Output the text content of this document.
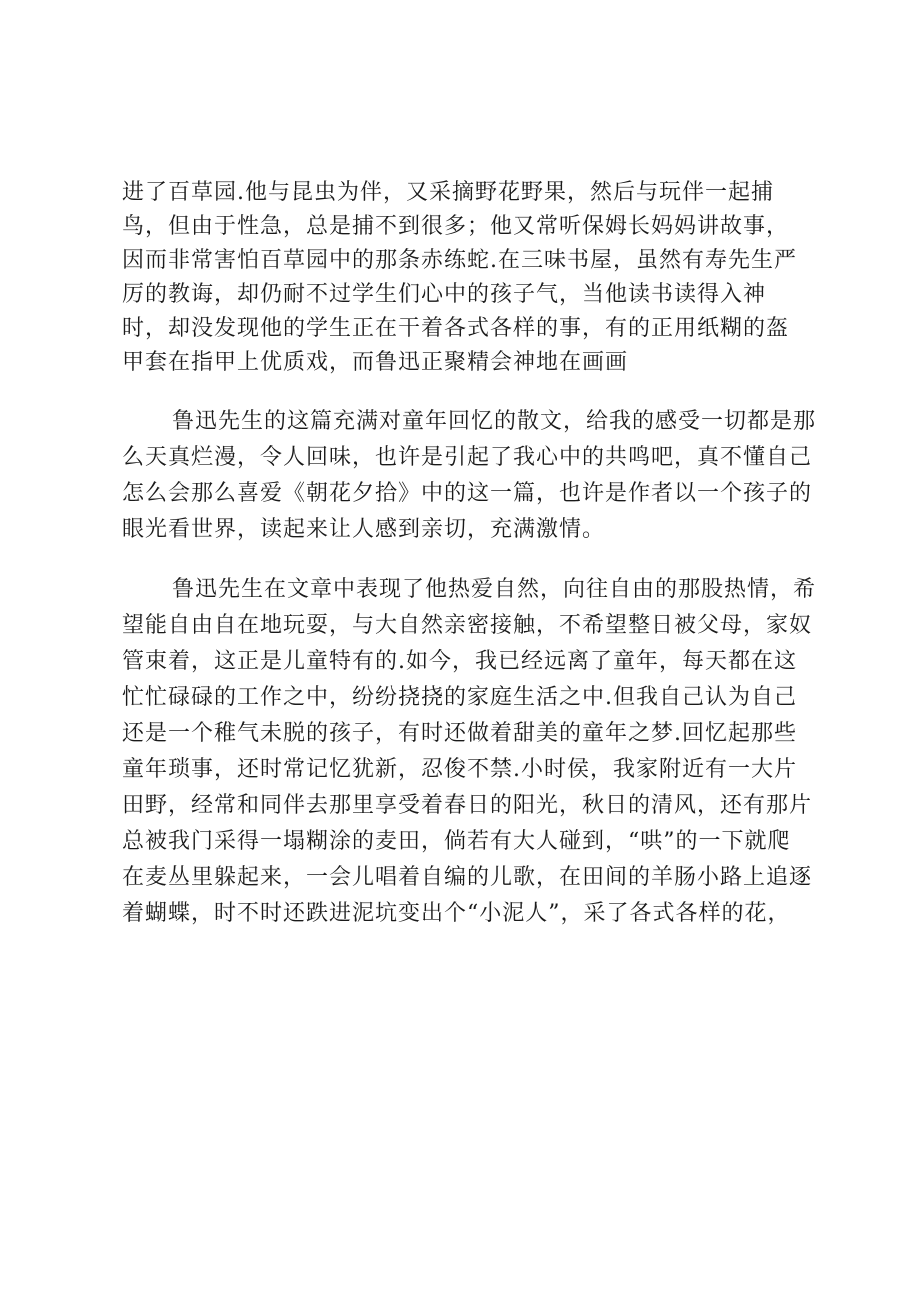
进了百草园.他与昆虫为伴，又采摘野花野果，然后与玩伴一起捕

鸟，但由于性急，总是捕不到很多；他又常听保姆长妈妈讲故事，

因而非常害怕百草园中的那条赤练蛇.在三味书屋，虽然有寿先生严

厉的教诲，却仍耐不过学生们心中的孩子气，当他读书读得入神

时，却没发现他的学生正在干着各式各样的事，有的正用纸糊的盔

甲套在指甲上优质戏，而鲁迅正聚精会神地在画画

鲁迅先生的这篇充满对童年回忆的散文，给我的感受一切都是那

么天真烂漫，令人回味，也许是引起了我心中的共鸣吧，真不懂自己

怎么会那么喜爱《朝花夕拾》中的这一篇，也许是作者以一个孩子的

眼光看世界，读起来让人感到亲切，充满激情。

鲁迅先生在文章中表现了他热爱自然，向往自由的那股热情，希

望能自由自在地玩耍，与大自然亲密接触，不希望整日被父母，家奴

管束着，这正是儿童特有的.如今，我已经远离了童年，每天都在这

忙忙碌碌的工作之中，纷纷挠挠的家庭生活之中.但我自己认为自己

还是一个稚气未脱的孩子，有时还做着甜美的童年之梦.回忆起那些

童年琐事，还时常记忆犹新，忍俊不禁.小时侯，我家附近有一大片

田野，经常和同伴去那里享受着春日的阳光，秋日的清风，还有那片

总被我门采得一塌糊涂的麦田，倘若有大人碰到，“哄”的一下就爬

在麦丛里躲起来，一会儿唱着自编的儿歌，在田间的羊肠小路上追逐

着蝴蝶，时不时还跌进泥坑变出个“小泥人”，采了各式各样的花，
